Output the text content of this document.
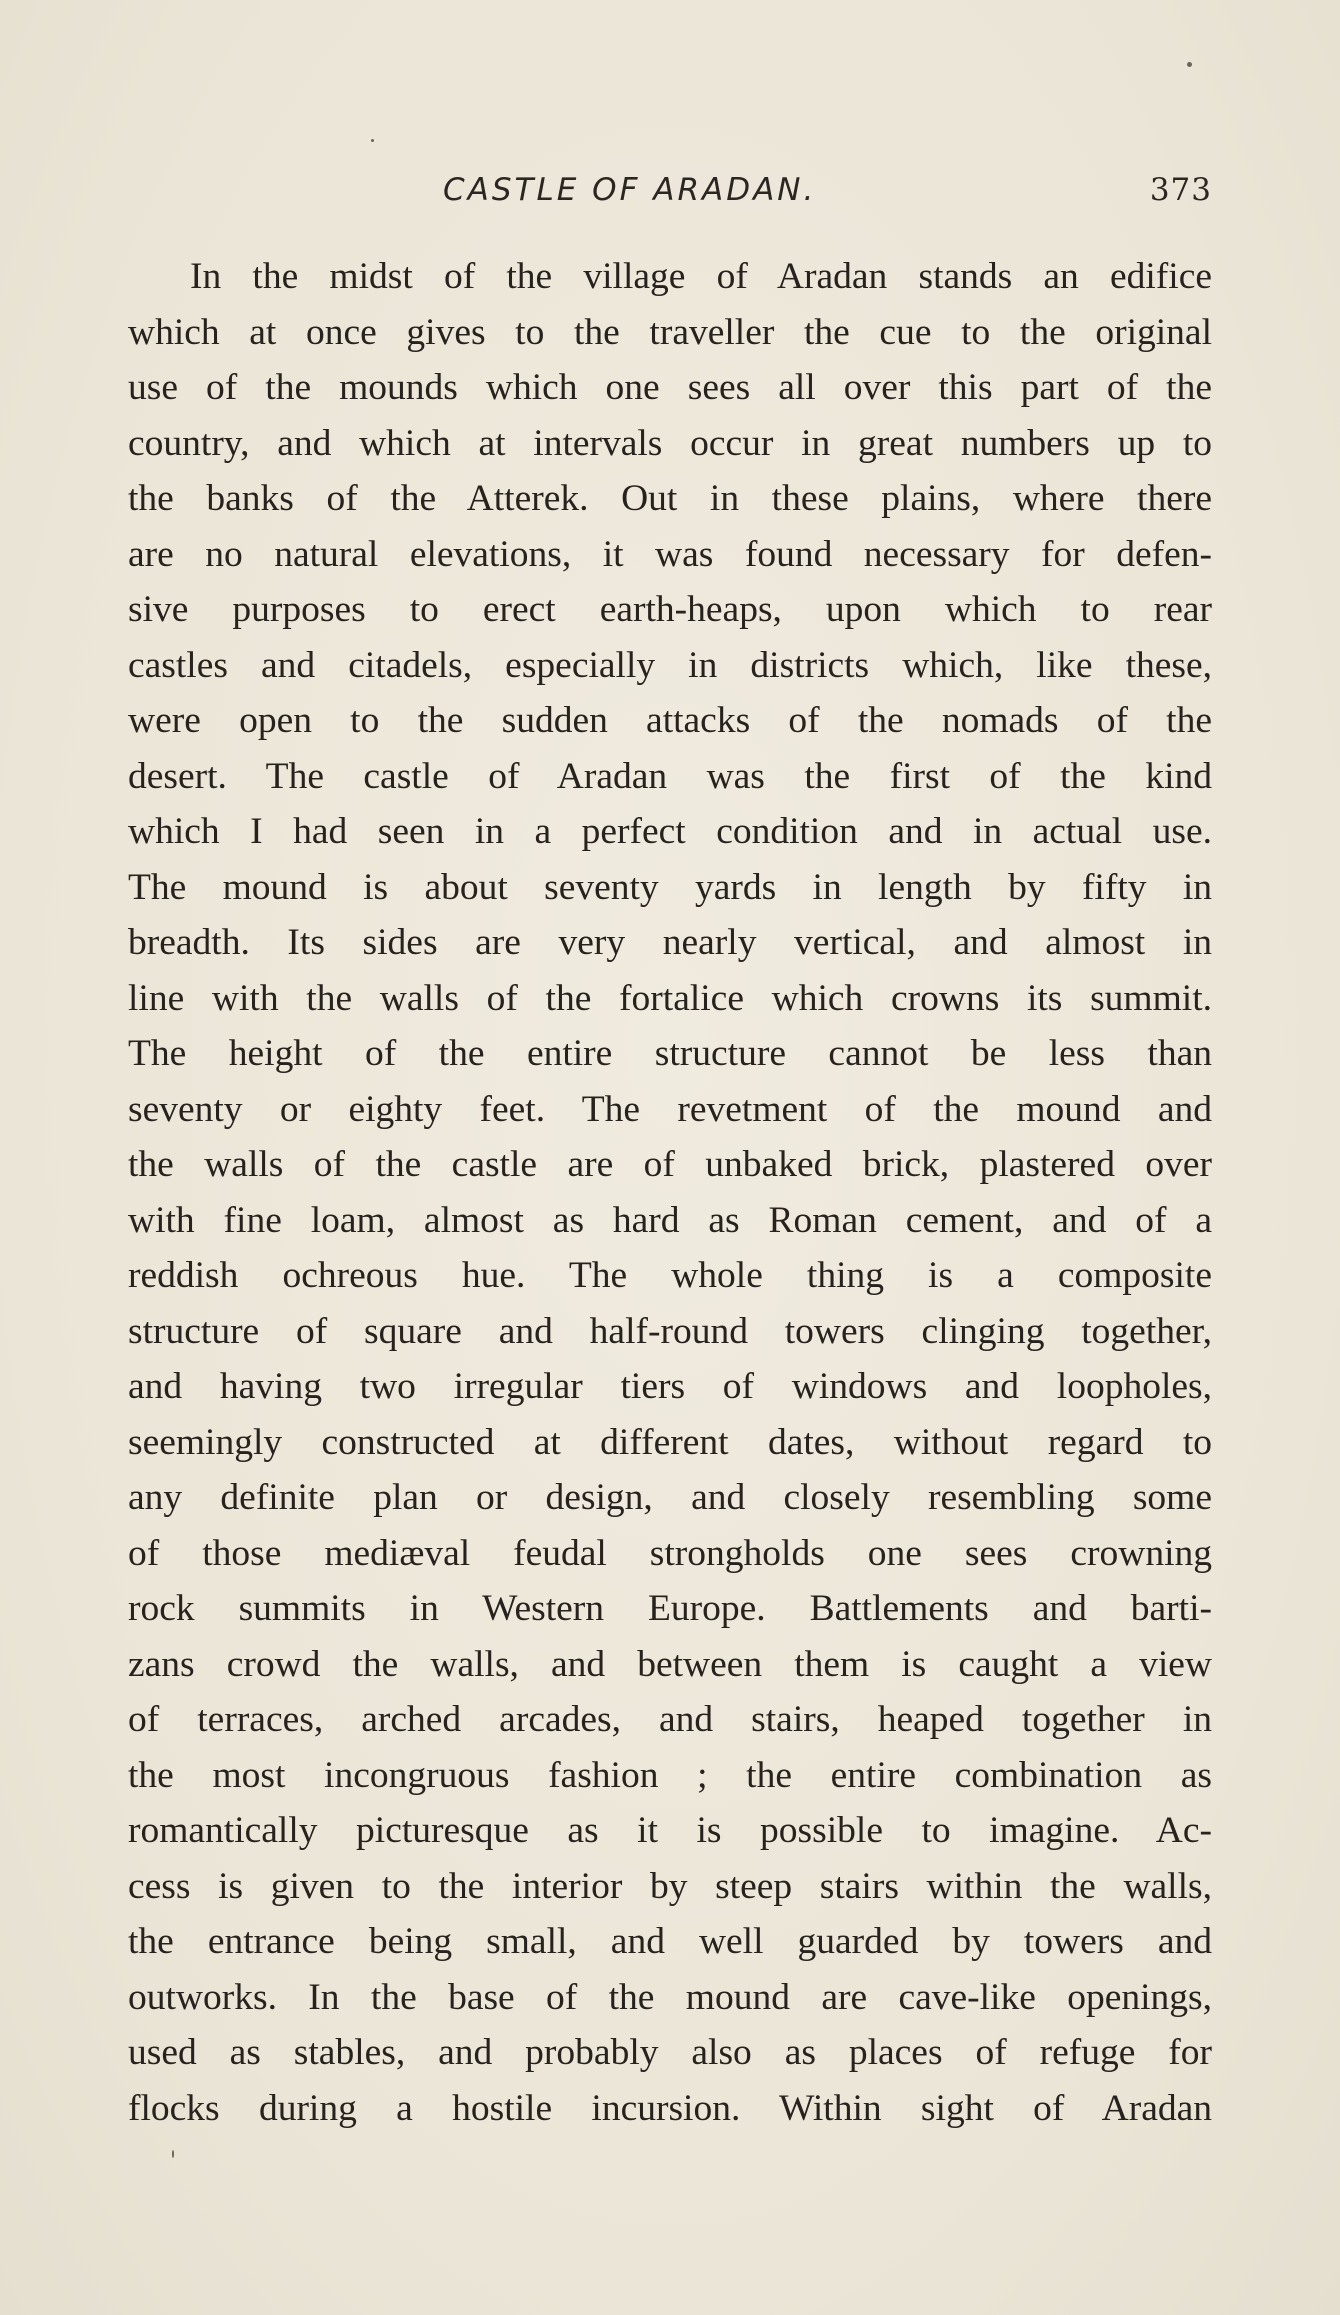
CASTLE OF ARADAN.	373
In the midst of the village of Aradan stands an edifice
which at once gives to the traveller the cue to the original
use of the mounds which one sees all over this part of the
country, and which at intervals occur in great numbers up to
the banks of the Atterek. Out in these plains, where there
are no natural elevations, it was found necessary for defen-
sive purposes to erect earth-heaps, upon which to rear
castles and citadels, especially in districts which, like these,
were open to the sudden attacks of the nomads of the
desert. The castle of Aradan was the first of the kind
which I had seen in a perfect condition and in actual use.
The mound is about seventy yards in length by fifty in
breadth. Its sides are very nearly vertical, and almost in
line with the walls of the fortalice which crowns its summit.
The height of the entire structure cannot be less than
seventy or eighty feet. The revetment of the mound and
the walls of the castle are of unbaked brick, plastered over
with fine loam, almost as hard as Roman cement, and of a
reddish ochreous hue. The whole thing is a composite
structure of square and half-round towers clinging together,
and having two irregular tiers of windows and loopholes,
seemingly constructed at different dates, without regard to
any definite plan or design, and closely resembling some
of those mediæval feudal strongholds one sees crowning
rock summits in Western Europe. Battlements and barti-
zans crowd the walls, and between them is caught a view
of terraces, arched arcades, and stairs, heaped together in
the most incongruous fashion ; the entire combination as
romantically picturesque as it is possible to imagine. Ac-
cess is given to the interior by steep stairs within the walls,
the entrance being small, and well guarded by towers and
outworks. In the base of the mound are cave-like openings,
used as stables, and probably also as places of refuge for
flocks during a hostile incursion. Within sight of Aradan
